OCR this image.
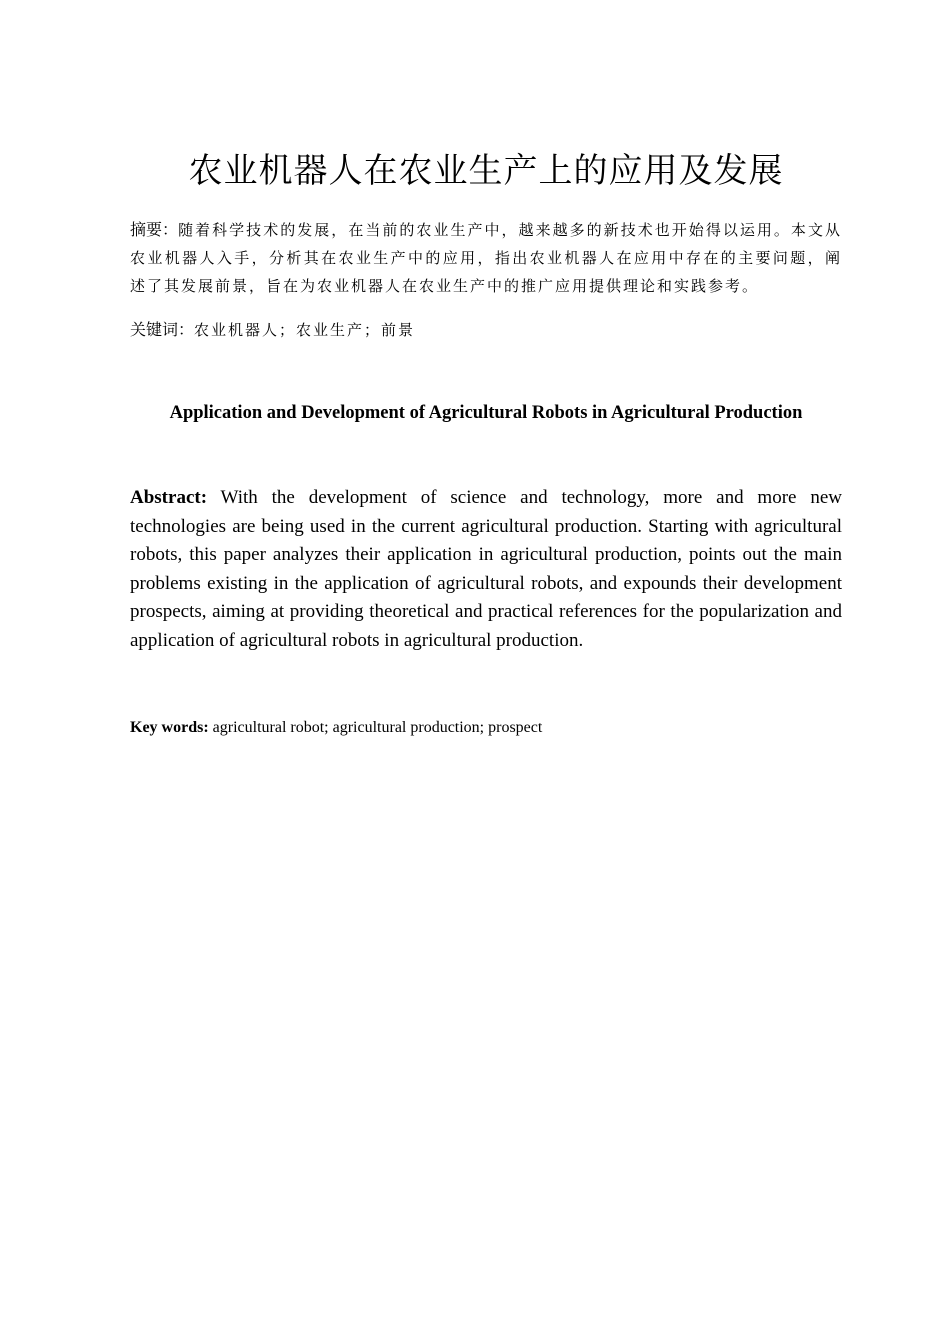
农业机器人在农业生产上的应用及发展
摘要：随着科学技术的发展，在当前的农业生产中，越来越多的新技术也开始得以运用。本文从农业机器人入手，分析其在农业生产中的应用，指出农业机器人在应用中存在的主要问题，阐述了其发展前景，旨在为农业机器人在农业生产中的推广应用提供理论和实践参考。
关键词：农业机器人；农业生产；前景
Application and Development of Agricultural Robots in Agricultural Production
Abstract: With the development of science and technology, more and more new technologies are being used in the current agricultural production. Starting with agricultural robots, this paper analyzes their application in agricultural production, points out the main problems existing in the application of agricultural robots, and expounds their development prospects, aiming at providing theoretical and practical references for the popularization and application of agricultural robots in agricultural production.
Key words: agricultural robot; agricultural production; prospect
